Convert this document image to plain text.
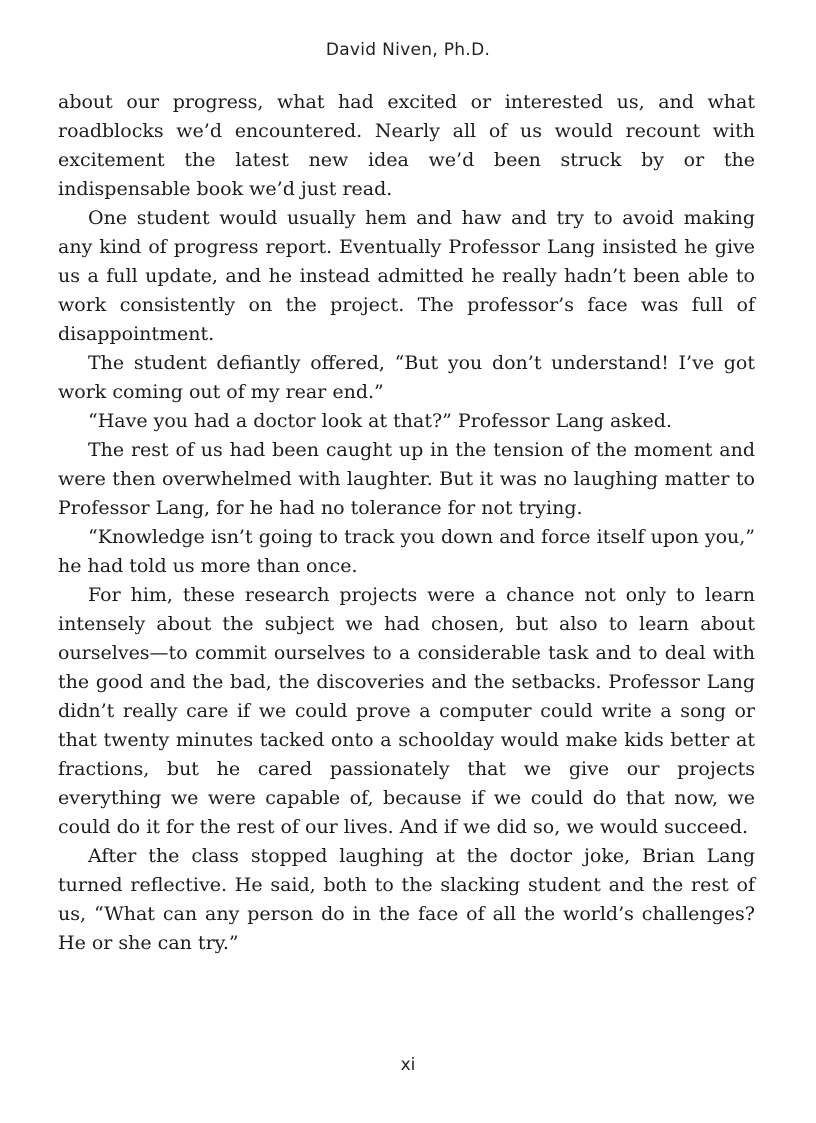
David Niven, Ph.D.

about our progress, what had excited or interested us, and what roadblocks we’d encountered. Nearly all of us would recount with excitement the latest new idea we’d been struck by or the indispensable book we’d just read.

One student would usually hem and haw and try to avoid making any kind of progress report. Eventually Professor Lang insisted he give us a full update, and he instead admitted he really hadn’t been able to work consistently on the project. The professor’s face was full of disappointment.

The student defiantly offered, “But you don’t understand! I’ve got work coming out of my rear end.”

“Have you had a doctor look at that?” Professor Lang asked.

The rest of us had been caught up in the tension of the moment and were then overwhelmed with laughter. But it was no laughing matter to Professor Lang, for he had no tolerance for not trying.

“Knowledge isn’t going to track you down and force itself upon you,” he had told us more than once.

For him, these research projects were a chance not only to learn intensely about the subject we had chosen, but also to learn about ourselves—to commit ourselves to a considerable task and to deal with the good and the bad, the discoveries and the setbacks. Professor Lang didn’t really care if we could prove a computer could write a song or that twenty minutes tacked onto a schoolday would make kids better at fractions, but he cared passionately that we give our projects everything we were capable of, because if we could do that now, we could do it for the rest of our lives. And if we did so, we would succeed.

After the class stopped laughing at the doctor joke, Brian Lang turned reflective. He said, both to the slacking student and the rest of us, “What can any person do in the face of all the world’s challenges? He or she can try.”

xi
